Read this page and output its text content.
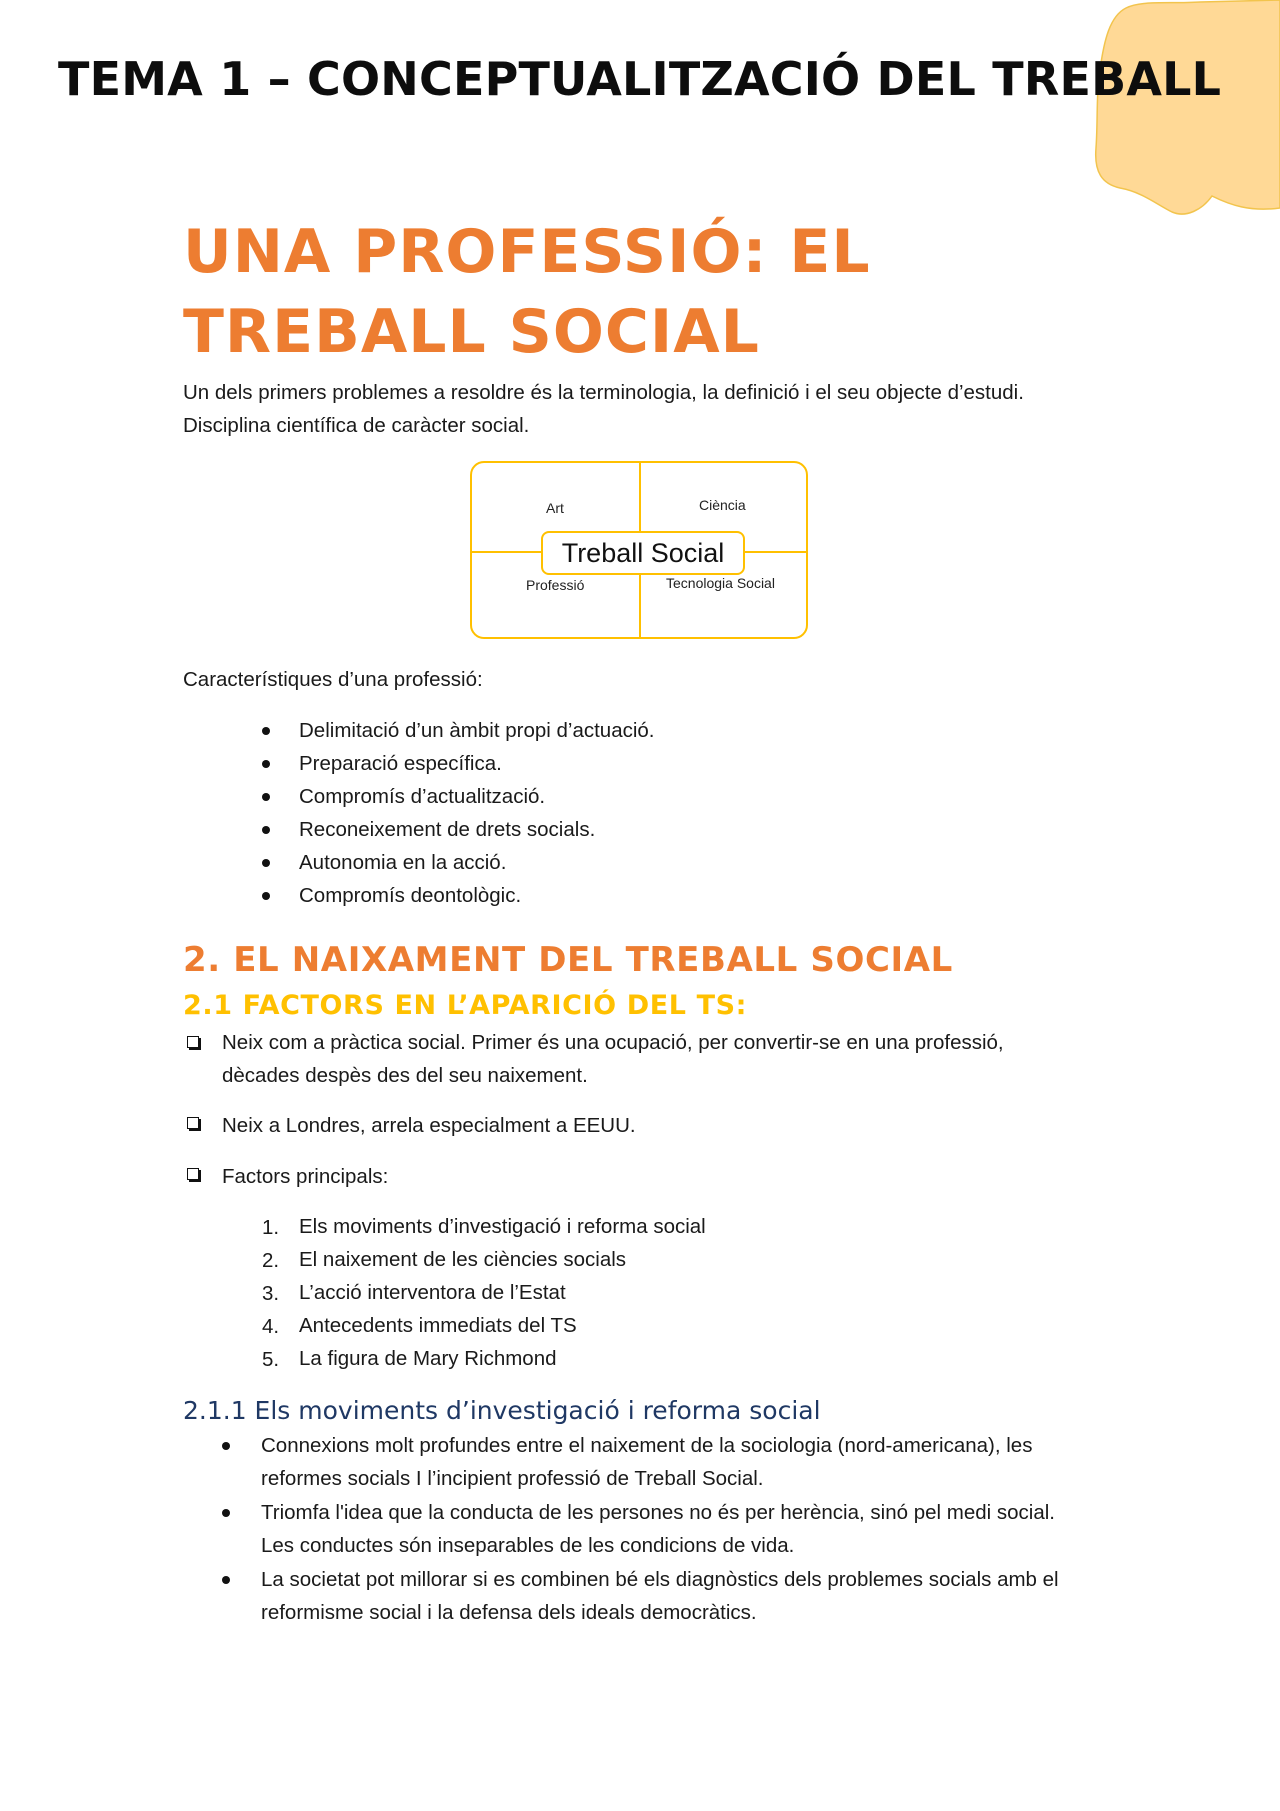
TEMA 1 – CONCEPTUALITZACIÓ DEL TREBALL
UNA PROFESSIÓ: EL
TREBALL SOCIAL

Un dels primers problemes a resoldre és la terminologia, la definició i el seu objecte d’estudi.
Disciplina científica de caràcter social.

Art	Ciència
Professió	Tecnologia Social
Treball Social

Característiques d’una professió:

Delimitació d’un àmbit propi d’actuació.
Preparació específica.
Compromís d’actualització.
Reconeixement de drets socials.
Autonomia en la acció.
Compromís deontològic.
2. EL NAIXAMENT DEL TREBALL SOCIAL
2.1 FACTORS EN L’APARICIÓ DEL TS:
Neix com a pràctica social. Primer és una ocupació, per convertir-se en una professió,
dècades despès des del seu naixement.
Neix a Londres, arrela especialment a EEUU.
Factors principals:
1. Els moviments d’investigació i reforma social
2. El naixement de les ciències socials
3. L’acció interventora de l’Estat
4. Antecedents immediats del TS
5. La figura de Mary Richmond
2.1.1 Els moviments d’investigació i reforma social
Connexions molt profundes entre el naixement de la sociologia (nord-americana), les
reformes socials I l’incipient professió de Treball Social.
Triomfa l'idea que la conducta de les persones no és per herència, sinó pel medi social.
Les conductes són inseparables de les condicions de vida.
La societat pot millorar si es combinen bé els diagnòstics dels problemes socials amb el
reformisme social i la defensa dels ideals democràtics.
